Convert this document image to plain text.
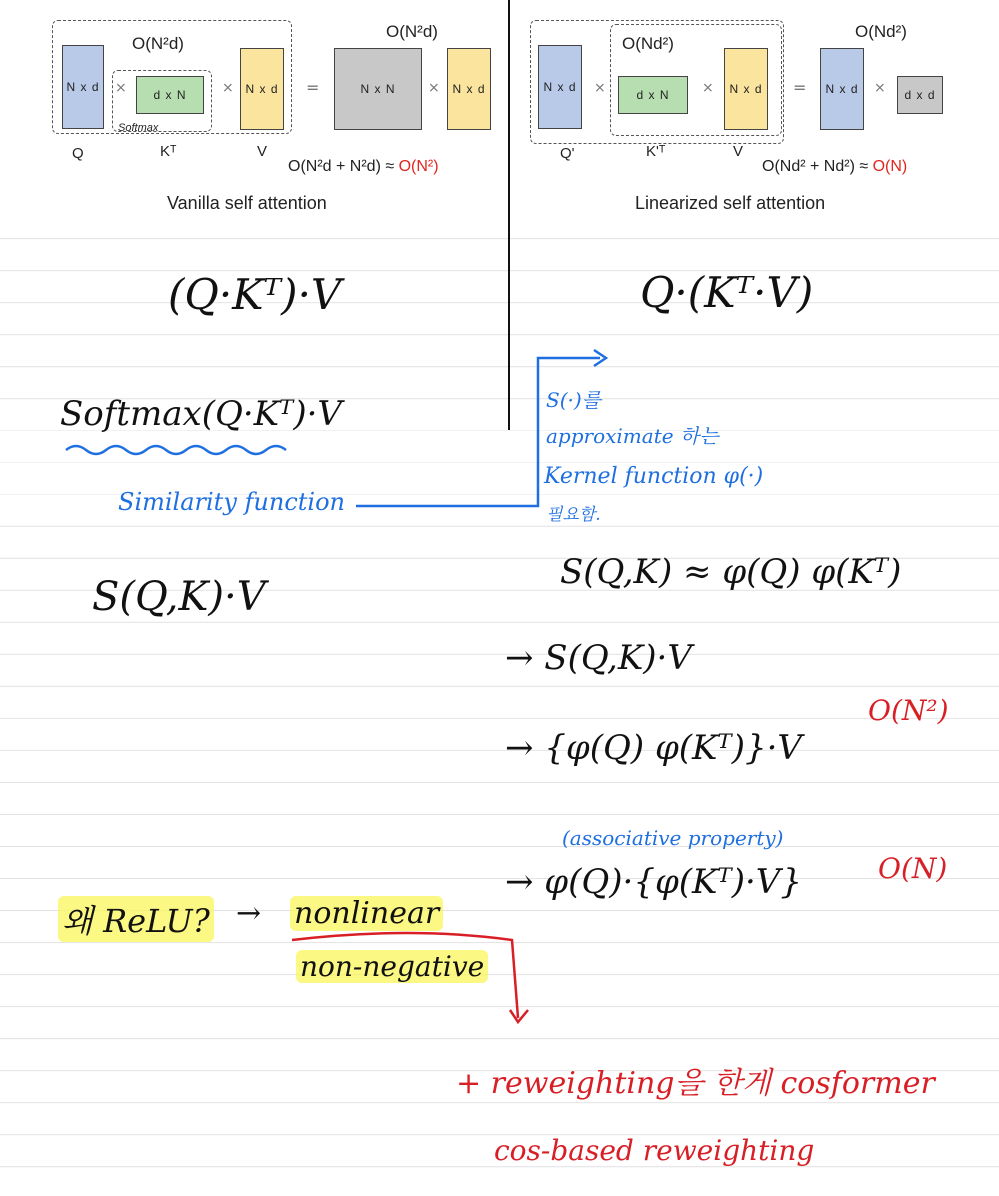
O(N²d)
O(N²d)
N x d ⨯ d x N	⨯ N x d =	N x N ⨯ N x d
Softmax
Q	Kᵀ	V
O(N²d + N²d) ≈ O(N²)
Vanilla self attention
O(Nd²)
O(Nd²)
N x d ⨯	d x N ⨯ N x d = N x d ⨯ d x d
Q'	K'ᵀ	V
O(Nd² + Nd²) ≈ O(N)
Linearized self attention
(Q·Kᵀ)·V	Q·(Kᵀ·V)
Softmax(Q·Kᵀ)·V
Similarity function
S(·)를
approximate 하는
Kernel function φ(·)
필요함.
S(Q,K) ≈ φ(Q) φ(Kᵀ)
S(Q,K)·V
→ S(Q,K)·V
→ {φ(Q) φ(Kᵀ)}·V
O(N²)
(associative property)
→ φ(Q)·{φ(Kᵀ)·V}	O(N)
왜 ReLU? → nonlinear
non-negative
+ reweighting을 한게 cosformer
cos-based reweighting
